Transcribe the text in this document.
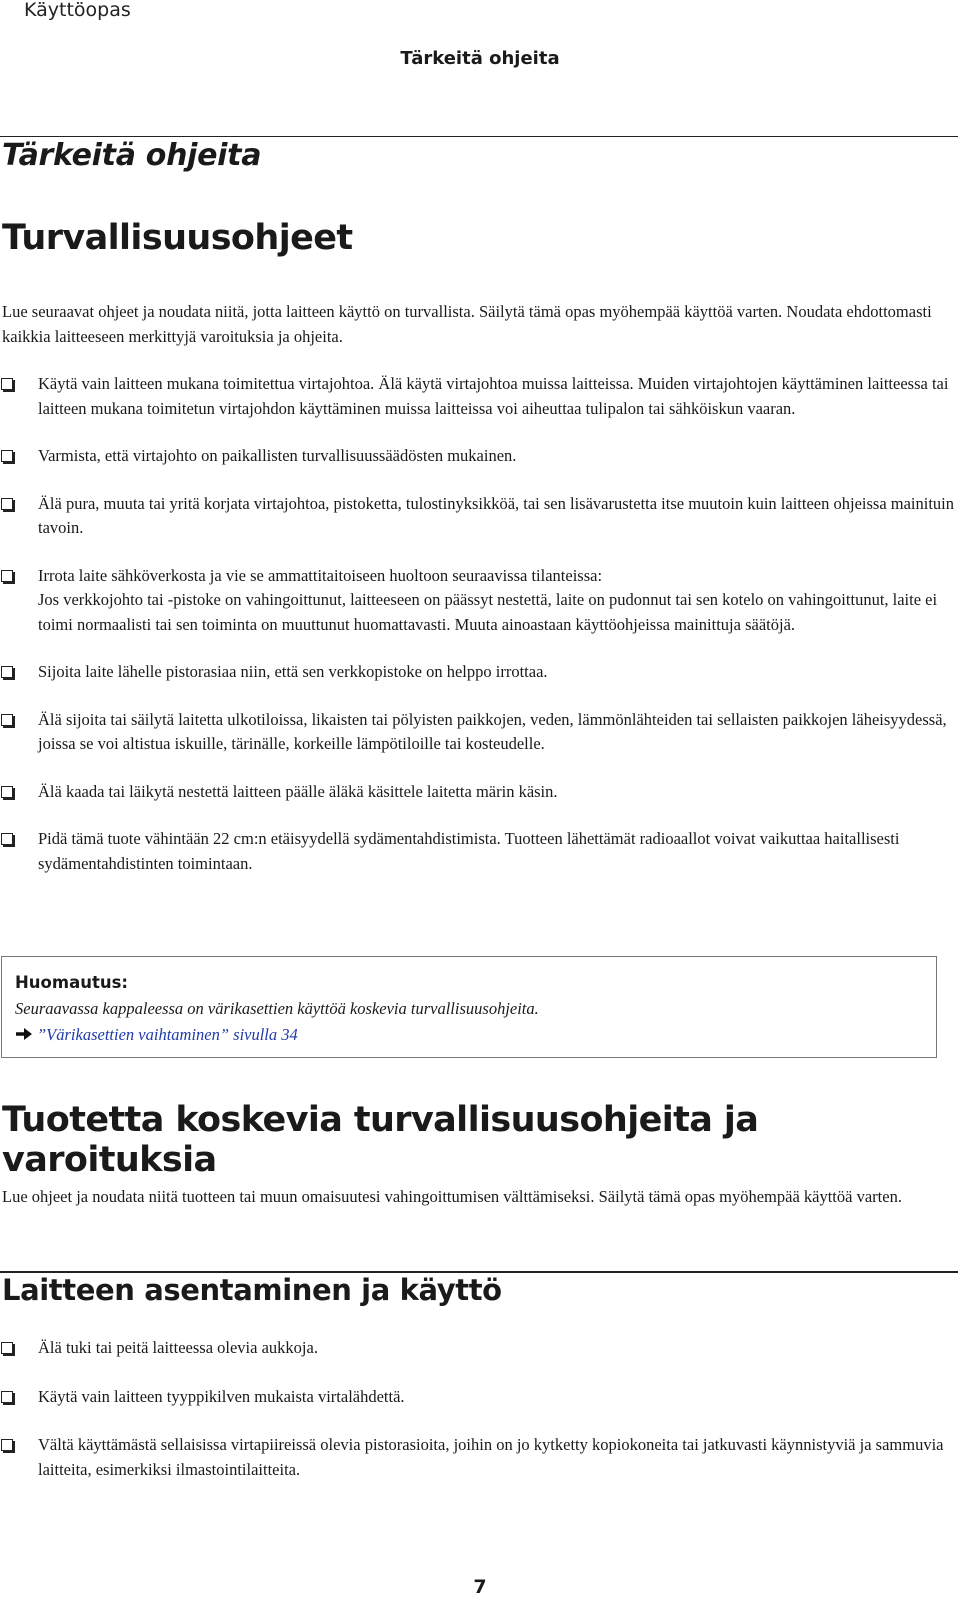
Käyttöopas
Tärkeitä ohjeita
Tärkeitä ohjeita
Turvallisuusohjeet

Lue seuraavat ohjeet ja noudata niitä, jotta laitteen käyttö on turvallista. Säilytä tämä opas myöhempää käyttöä varten. Noudata ehdottomasti kaikkia laitteeseen merkittyjä varoituksia ja ohjeita.

Käytä vain laitteen mukana toimitettua virtajohtoa. Älä käytä virtajohtoa muissa laitteissa. Muiden virtajohtojen käyttäminen laitteessa tai laitteen mukana toimitetun virtajohdon käyttäminen muissa laitteissa voi aiheuttaa tulipalon tai sähköiskun vaaran.
Varmista, että virtajohto on paikallisten turvallisuussäädösten mukainen.
Älä pura, muuta tai yritä korjata virtajohtoa, pistoketta, tulostinyksikköä, tai sen lisävarustetta itse muutoin kuin laitteen ohjeissa mainituin tavoin.
Irrota laite sähköverkosta ja vie se ammattitaitoiseen huoltoon seuraavissa tilanteissa:
Jos verkkojohto tai -pistoke on vahingoittunut, laitteeseen on päässyt nestettä, laite on pudonnut tai sen kotelo on vahingoittunut, laite ei toimi normaalisti tai sen toiminta on muuttunut huomattavasti. Muuta ainoastaan käyttöohjeissa mainittuja säätöjä.
Sijoita laite lähelle pistorasiaa niin, että sen verkkopistoke on helppo irrottaa.
Älä sijoita tai säilytä laitetta ulkotiloissa, likaisten tai pölyisten paikkojen, veden, lämmönlähteiden tai sellaisten paikkojen läheisyydessä, joissa se voi altistua iskuille, tärinälle, korkeille lämpötiloille tai kosteudelle.
Älä kaada tai läikytä nestettä laitteen päälle äläkä käsittele laitetta märin käsin.
Pidä tämä tuote vähintään 22 cm:n etäisyydellä sydämentahdistimista. Tuotteen lähettämät radioaallot voivat vaikuttaa haitallisesti sydämentahdistinten toimintaan.
Huomautus:
Seuraavassa kappaleessa on värikasettien käyttöä koskevia turvallisuusohjeita.
”Värikasettien vaihtaminen” sivulla 34
Tuotetta koskevia turvallisuusohjeita ja varoituksia

Lue ohjeet ja noudata niitä tuotteen tai muun omaisuutesi vahingoittumisen välttämiseksi. Säilytä tämä opas myöhempää käyttöä varten.

Laitteen asentaminen ja käyttö
Älä tuki tai peitä laitteessa olevia aukkoja.
Käytä vain laitteen tyyppikilven mukaista virtalähdettä.
Vältä käyttämästä sellaisissa virtapiireissä olevia pistorasioita, joihin on jo kytketty kopiokoneita tai jatkuvasti käynnistyviä ja sammuvia laitteita, esimerkiksi ilmastointilaitteita.
7
